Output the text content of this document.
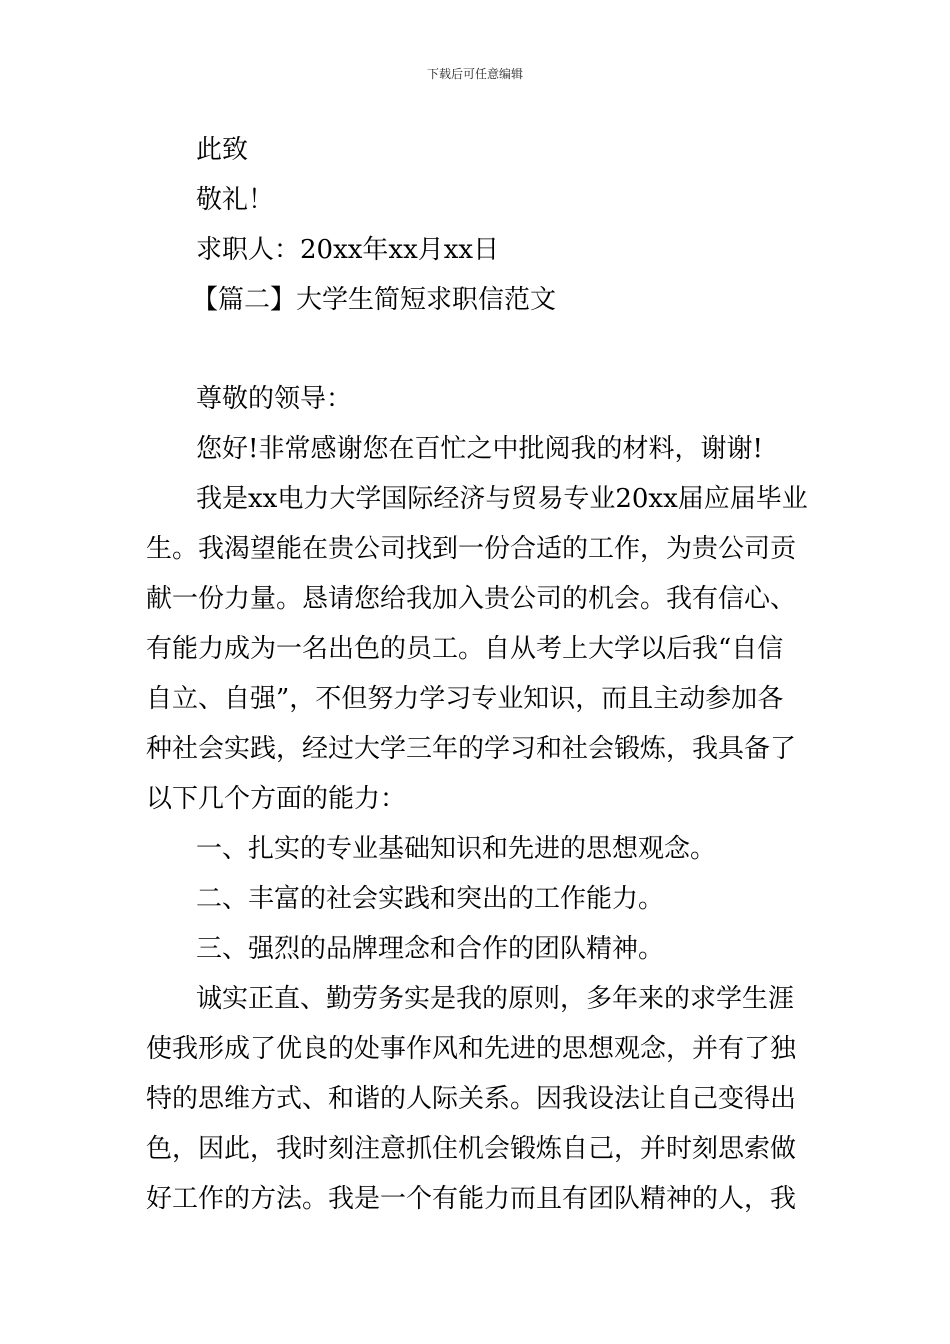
下载后可任意编辑
此致
敬礼！
求职人：20xx年xx月xx日
【篇二】大学生简短求职信范文
尊敬的领导：
您好!非常感谢您在百忙之中批阅我的材料，谢谢!
我是xx电力大学国际经济与贸易专业20xx届应届毕业
生。我渴望能在贵公司找到一份合适的工作，为贵公司贡
献一份力量。恳请您给我加入贵公司的机会。我有信心、
有能力成为一名出色的员工。自从考上大学以后我“自信
自立、自强”，不但努力学习专业知识，而且主动参加各
种社会实践，经过大学三年的学习和社会锻炼，我具备了
以下几个方面的能力：
一、扎实的专业基础知识和先进的思想观念。
二、丰富的社会实践和突出的工作能力。
三、强烈的品牌理念和合作的团队精神。
诚实正直、勤劳务实是我的原则，多年来的求学生涯
使我形成了优良的处事作风和先进的思想观念，并有了独
特的思维方式、和谐的人际关系。因我设法让自己变得出
色，因此，我时刻注意抓住机会锻炼自己，并时刻思索做
好工作的方法。我是一个有能力而且有团队精神的人，我
